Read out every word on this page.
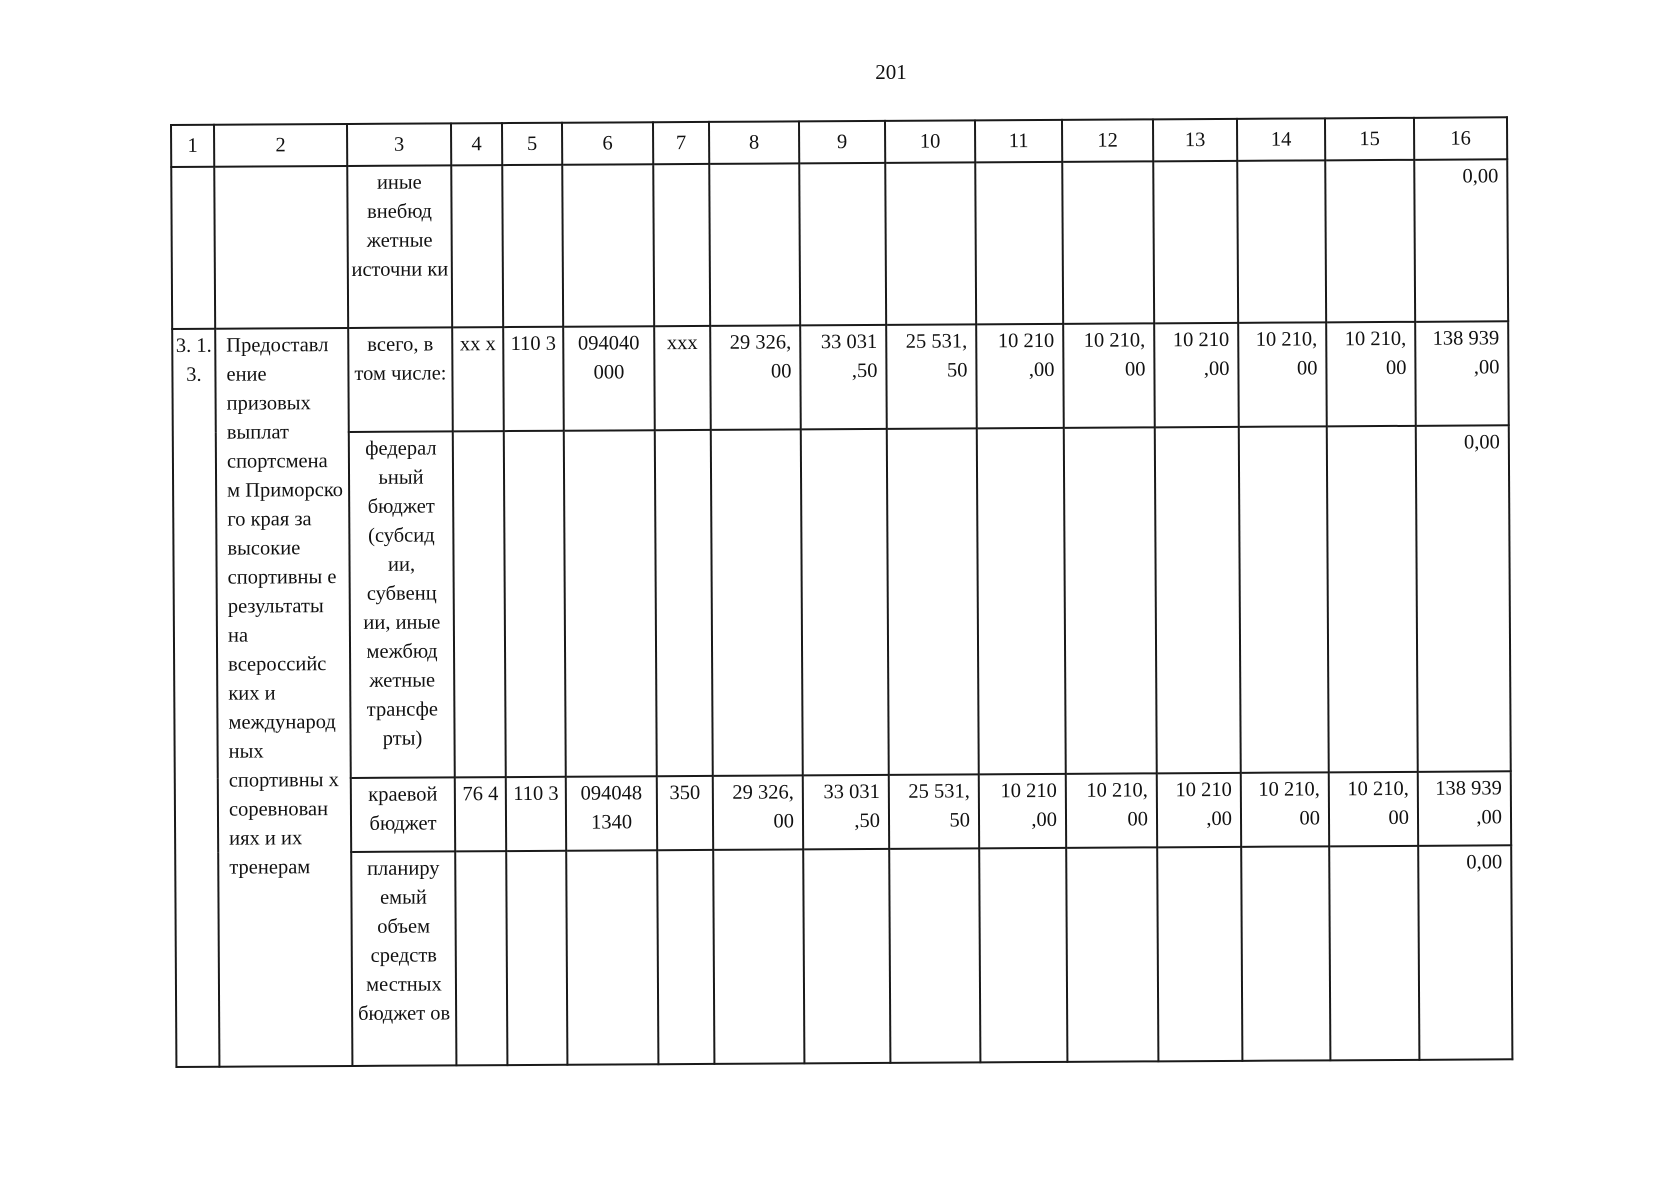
201
1	2	3	4	5	6	7	8	9	10	11	12	13	14	15	16
		иные внебюд жетные источни ки													0,00
3. 1. 3.	Предоставл ение призовых выплат спортсмена м Приморско го края за высокие спортивны е результаты на всероссийс ких и международ ных спортивны х соревнован иях и их тренерам	всего, в том числе:	xx x	110 3	094040 000	xxx	29 326, 00	33 031 ,50	25 531, 50	10 210 ,00	10 210, 00	10 210 ,00	10 210, 00	10 210, 00	138 939 ,00
		федерал ьный бюджет (субсид ии, субвенц ии, иные межбюд жетные трансфе рты)													0,00
		краевой бюджет	76 4	110 3	094048 1340	350	29 326, 00	33 031 ,50	25 531, 50	10 210 ,00	10 210, 00	10 210 ,00	10 210, 00	10 210, 00	138 939 ,00
		планиру емый объем средств местных бюджет ов													0,00
